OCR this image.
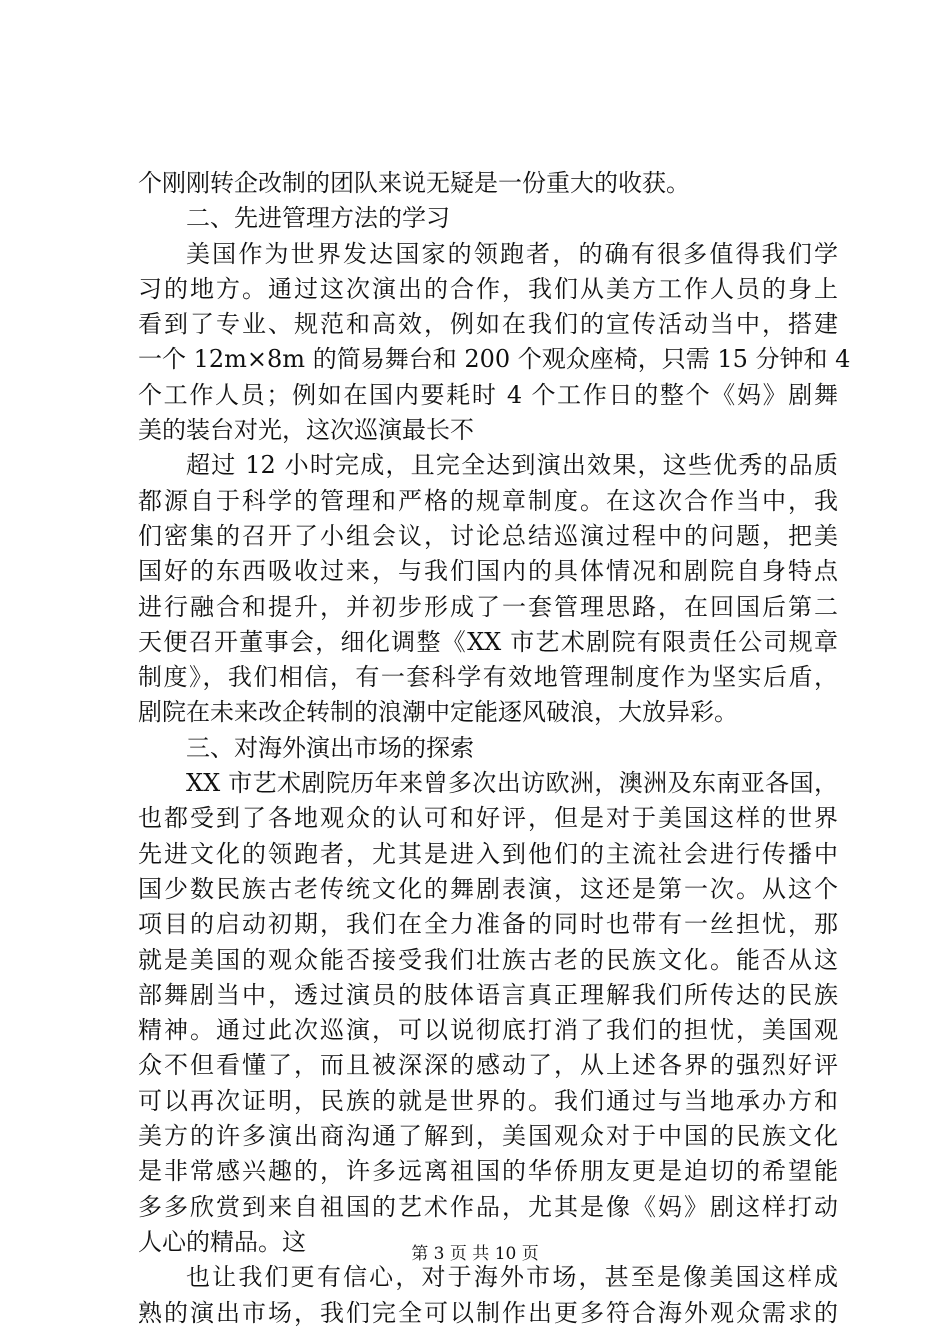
个刚刚转企改制的团队来说无疑是一份重大的收获。
二、先进管理方法的学习
美国作为世界发达国家的领跑者，的确有很多值得我们学
习的地方。通过这次演出的合作，我们从美方工作人员的身上
看到了专业、规范和高效，例如在我们的宣传活动当中，搭建
一个 12m×8m 的简易舞台和 200 个观众座椅，只需 15 分钟和 4
个工作人员；例如在国内要耗时 4 个工作日的整个《妈》剧舞
美的装台对光，这次巡演最长不
超过 12 小时完成，且完全达到演出效果，这些优秀的品质
都源自于科学的管理和严格的规章制度。在这次合作当中，我
们密集的召开了小组会议，讨论总结巡演过程中的问题，把美
国好的东西吸收过来，与我们国内的具体情况和剧院自身特点
进行融合和提升，并初步形成了一套管理思路，在回国后第二
天便召开董事会，细化调整《XX 市艺术剧院有限责任公司规章
制度》，我们相信，有一套科学有效地管理制度作为坚实后盾，
剧院在未来改企转制的浪潮中定能逐风破浪，大放异彩。
三、对海外演出市场的探索
XX 市艺术剧院历年来曾多次出访欧洲，澳洲及东南亚各国，
也都受到了各地观众的认可和好评，但是对于美国这样的世界
先进文化的领跑者，尤其是进入到他们的主流社会进行传播中
国少数民族古老传统文化的舞剧表演，这还是第一次。从这个
项目的启动初期，我们在全力准备的同时也带有一丝担忧，那
就是美国的观众能否接受我们壮族古老的民族文化。能否从这
部舞剧当中，透过演员的肢体语言真正理解我们所传达的民族
精神。通过此次巡演，可以说彻底打消了我们的担忧，美国观
众不但看懂了，而且被深深的感动了，从上述各界的强烈好评
可以再次证明，民族的就是世界的。我们通过与当地承办方和
美方的许多演出商沟通了解到，美国观众对于中国的民族文化
是非常感兴趣的，许多远离祖国的华侨朋友更是迫切的希望能
多多欣赏到来自祖国的艺术作品，尤其是像《妈》剧这样打动
人心的精品。这
也让我们更有信心，对于海外市场，甚至是像美国这样成
熟的演出市场，我们完全可以制作出更多符合海外观众需求的
第 3 页 共 10 页
